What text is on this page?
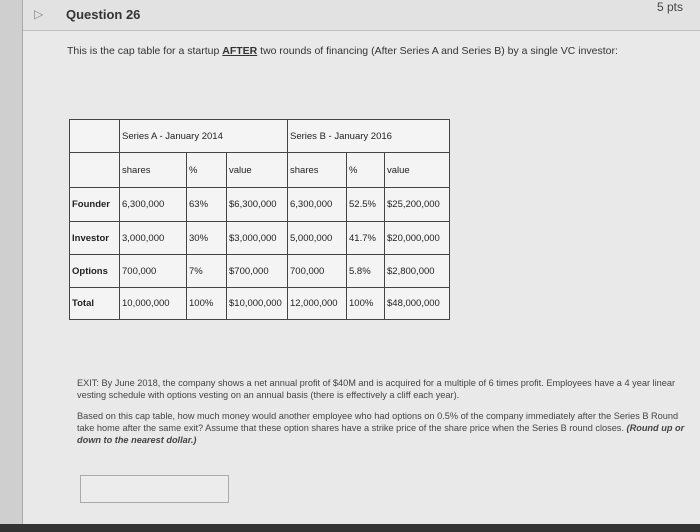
▷ Question 26	5 pts
This is the cap table for a startup AFTER two rounds of financing (After Series A and Series B) by a single VC investor:
	Series A - January 2014			Series B - January 2016		
	shares	%	value	shares	%	value
Founder	6,300,000	63%	$6,300,000	6,300,000	52.5%	$25,200,000
Investor	3,000,000	30%	$3,000,000	5,000,000	41.7%	$20,000,000
Options	700,000	7%	$700,000	700,000	5.8%	$2,800,000
Total	10,000,000	100%	$10,000,000	12,000,000	100%	$48,000,000

EXIT: By June 2018, the company shows a net annual profit of $40M and is acquired for a multiple of 6 times profit. Employees have a 4 year linear vesting schedule with options vesting on an annual basis (there is effectively a cliff each year).

Based on this cap table, how much money would another employee who had options on 0.5% of the company immediately after the Series B Round take home after the same exit? Assume that these option shares have a strike price of the share price when the Series B round closes. (Round up or down to the nearest dollar.)
